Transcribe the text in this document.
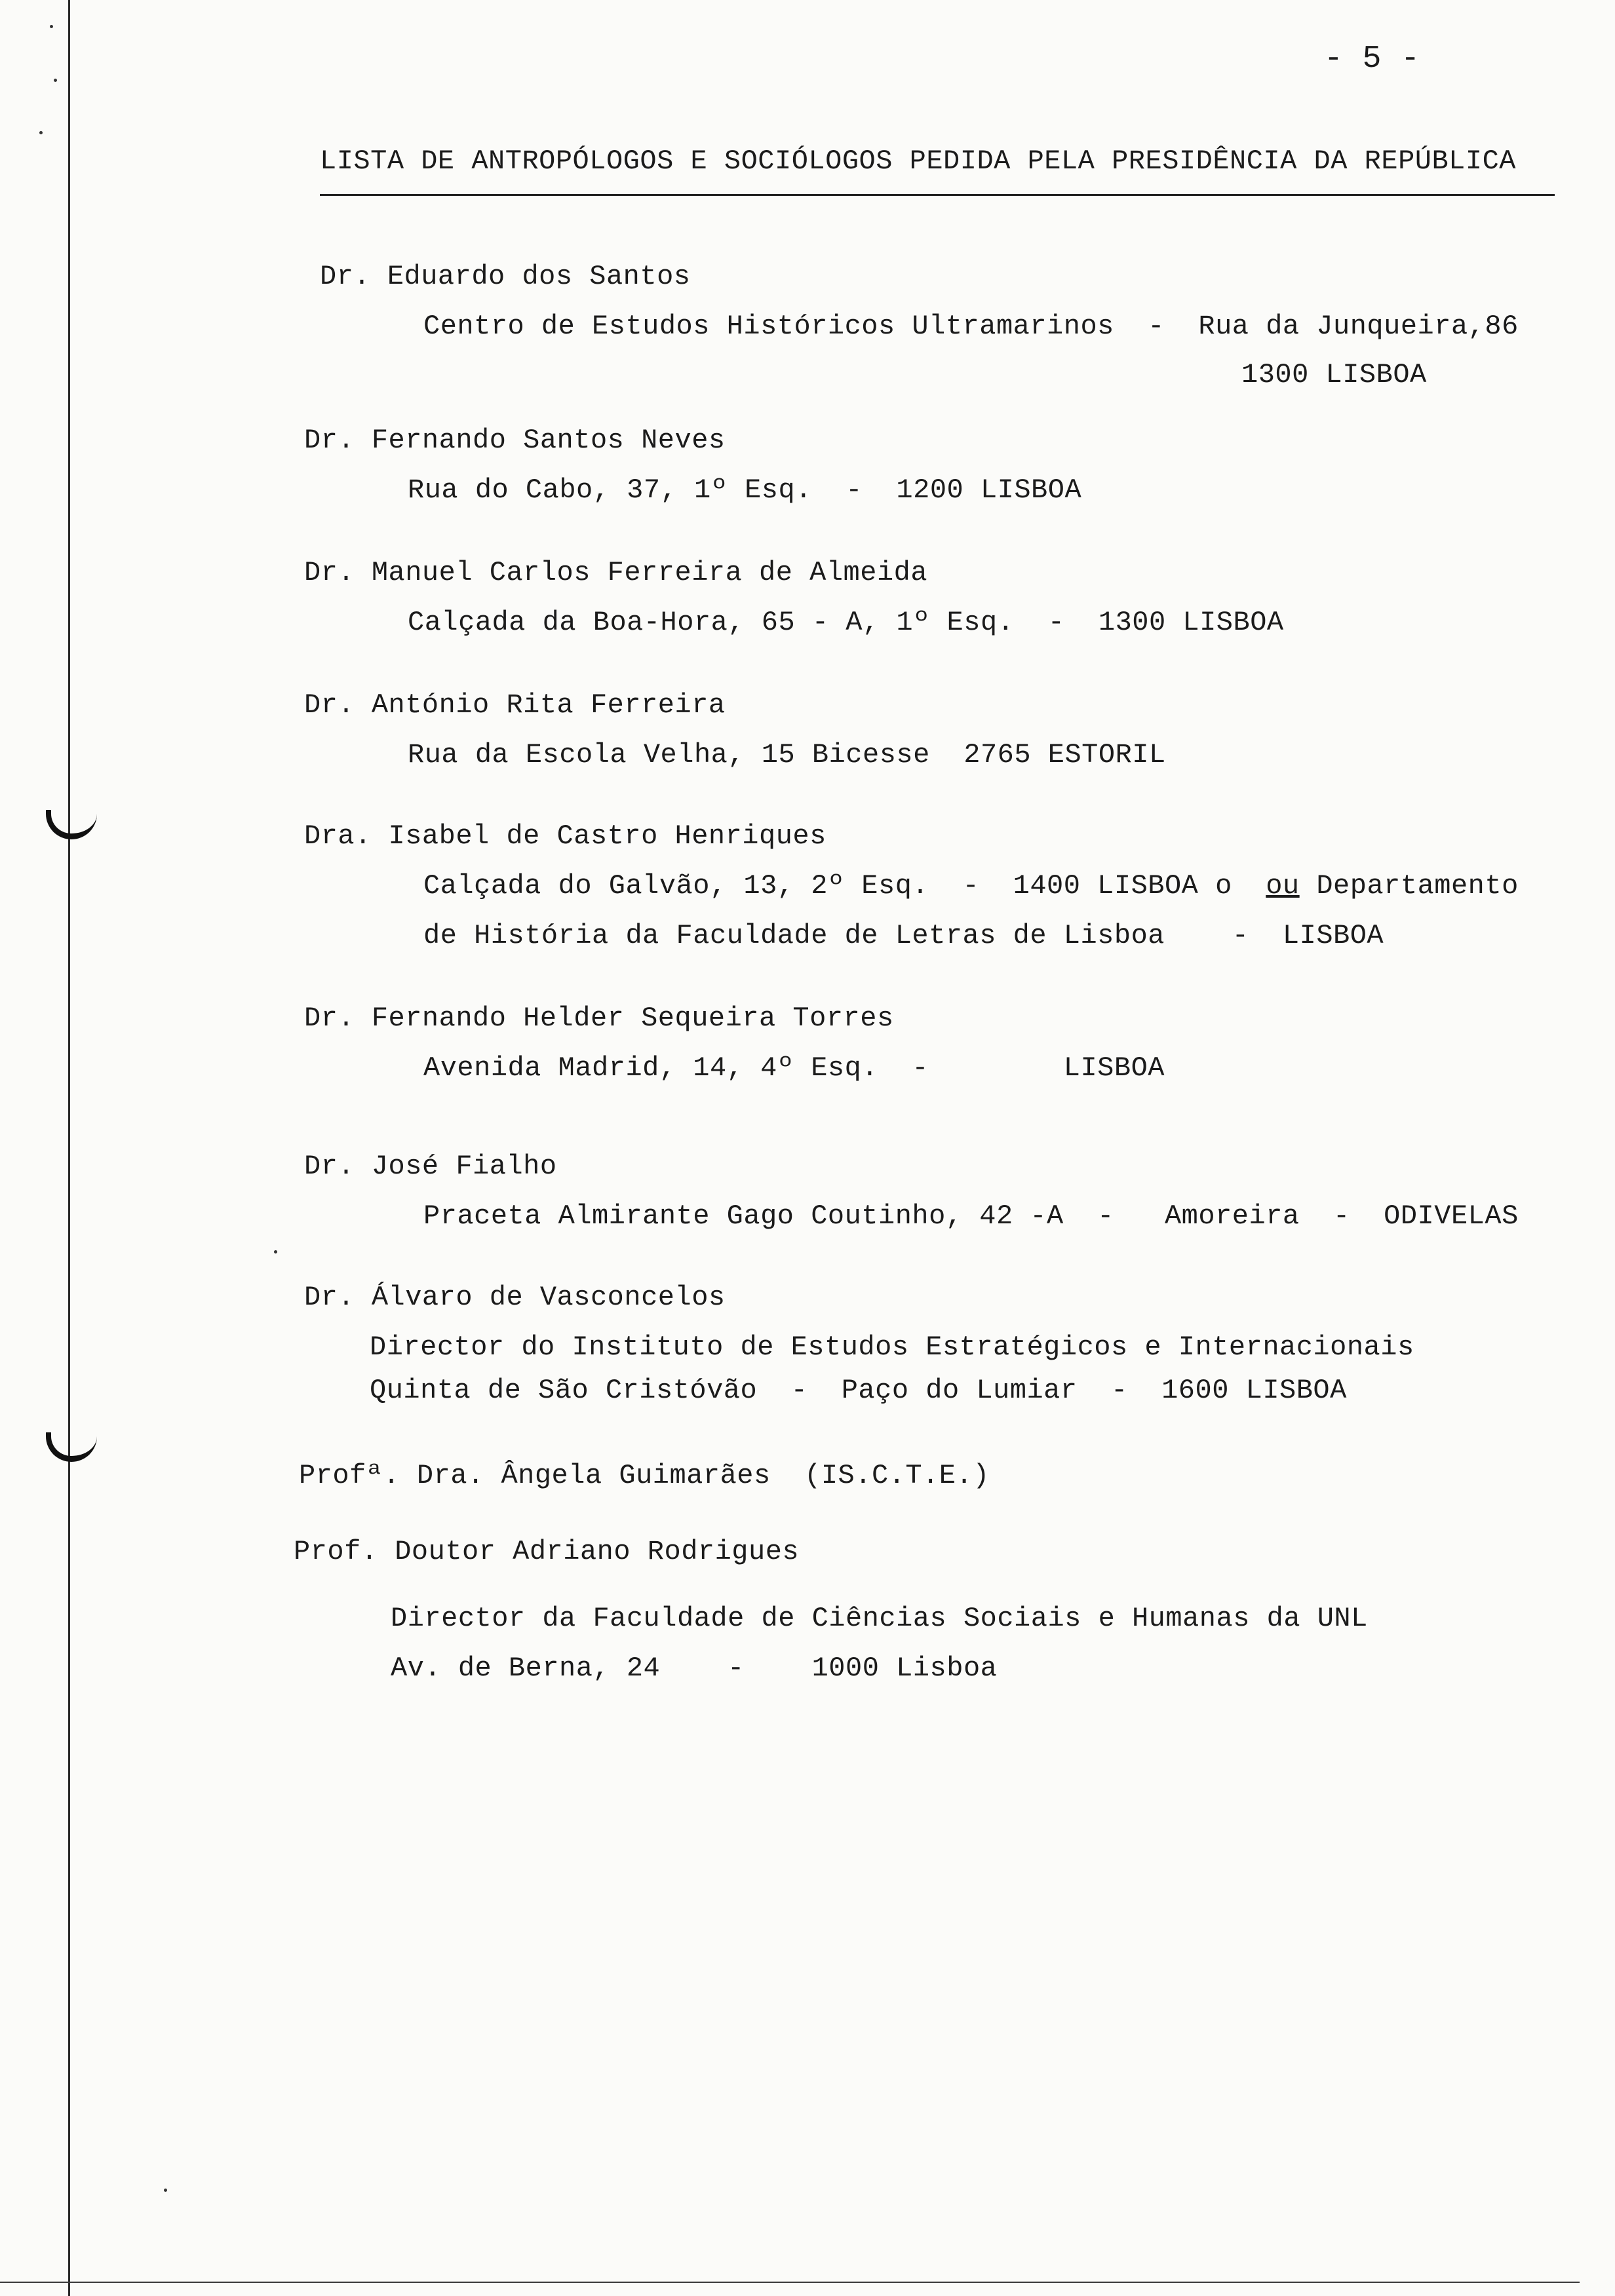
- 5 -
LISTA DE ANTROPÓLOGOS E SOCIÓLOGOS PEDIDA PELA PRESIDÊNCIA DA REPÚBLICA
Dr. Eduardo dos Santos
Centro de Estudos Históricos Ultramarinos  -  Rua da Junqueira,86
1300 LISBOA
Dr. Fernando Santos Neves
Rua do Cabo, 37, 1º Esq.  -  1200 LISBOA
Dr. Manuel Carlos Ferreira de Almeida
Calçada da Boa-Hora, 65 - A, 1º Esq.  -  1300 LISBOA
Dr. António Rita Ferreira
Rua da Escola Velha, 15 Bicesse  2765 ESTORIL
Dra. Isabel de Castro Henriques
Calçada do Galvão, 13, 2º Esq.  -  1400 LISBOA o  ou Departamento
de História da Faculdade de Letras de Lisboa    -  LISBOA
Dr. Fernando Helder Sequeira Torres
Avenida Madrid, 14, 4º Esq.  -        LISBOA
Dr. José Fialho
Praceta Almirante Gago Coutinho, 42 -A  -   Amoreira  -  ODIVELAS
Dr. Álvaro de Vasconcelos
Director do Instituto de Estudos Estratégicos e Internacionais
Quinta de São Cristóvão  -  Paço do Lumiar  -  1600 LISBOA
Profª. Dra. Ângela Guimarães  (IS.C.T.E.)
Prof. Doutor Adriano Rodrigues
Director da Faculdade de Ciências Sociais e Humanas da UNL
Av. de Berna, 24    -    1000 Lisboa
